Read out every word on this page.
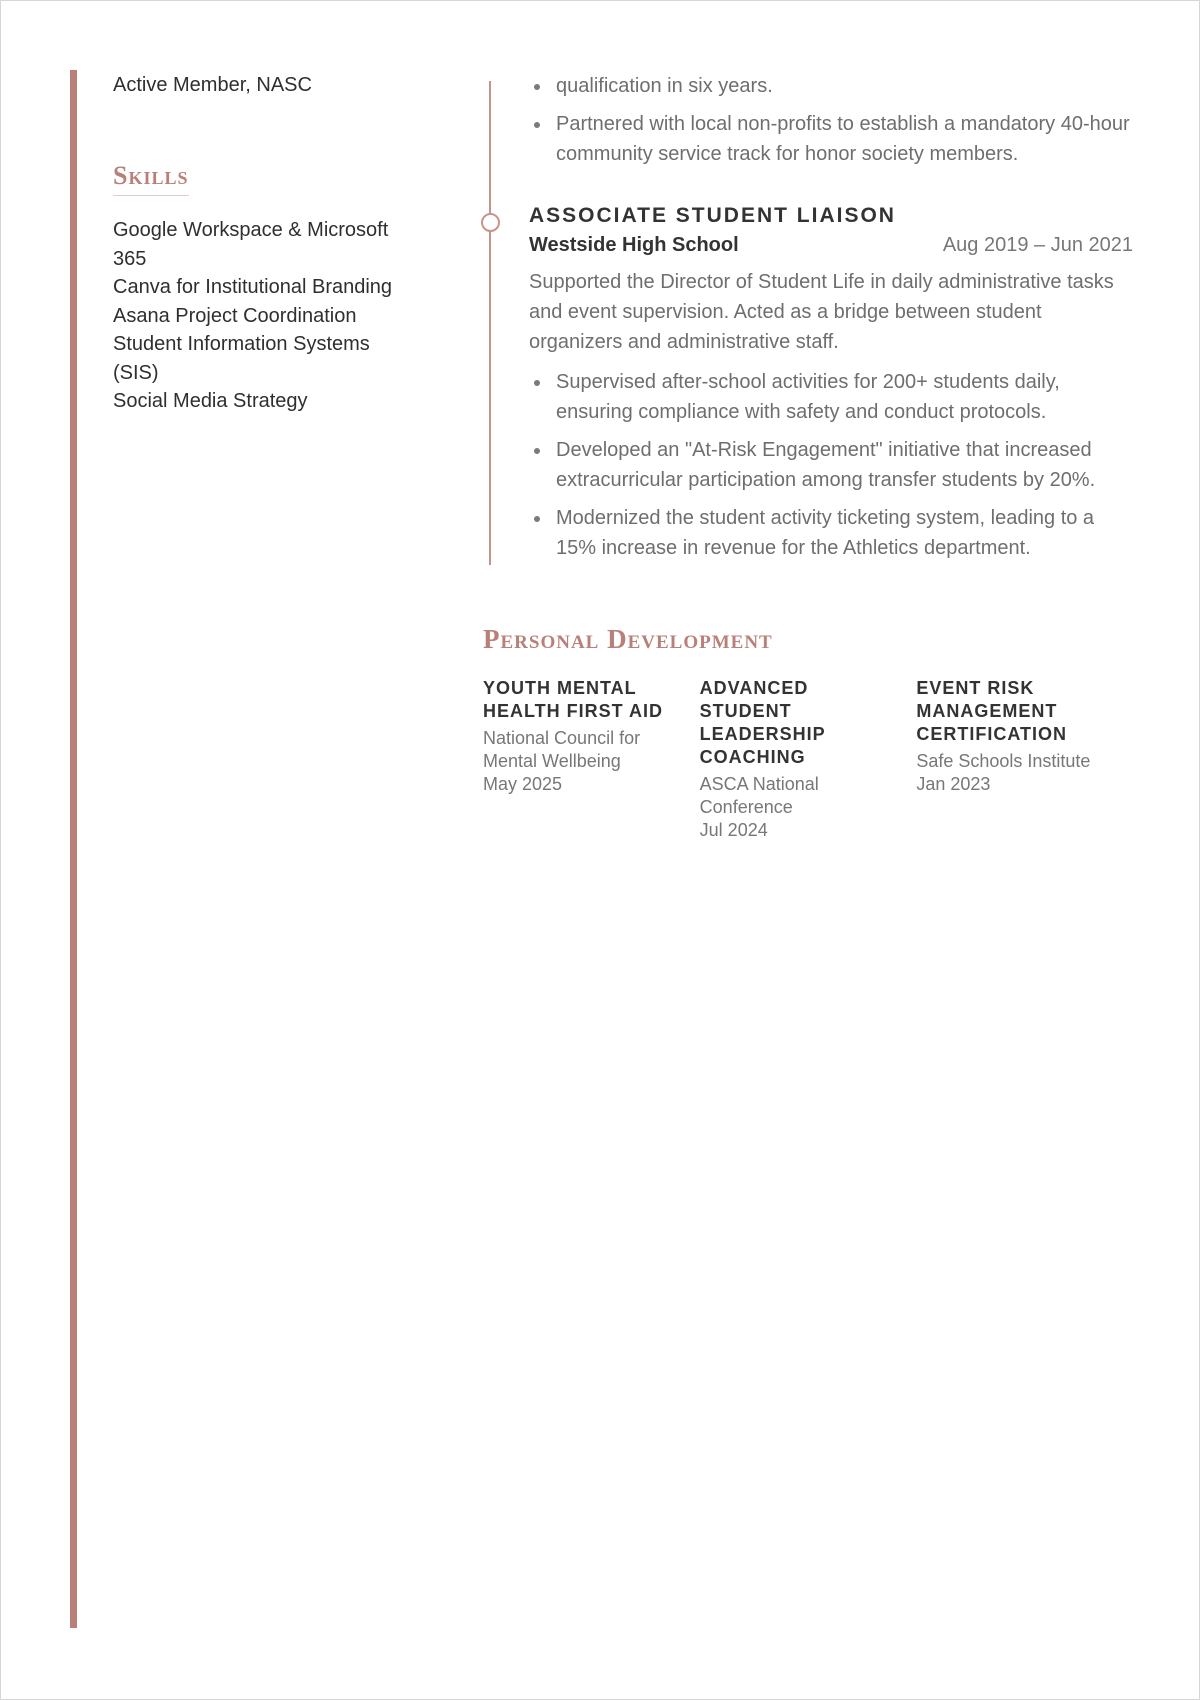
Active Member, NASC

Skills
Google Workspace & Microsoft 365
Canva for Institutional Branding
Asana Project Coordination
Student Information Systems (SIS)
Social Media Strategy
qualification in six years.
Partnered with local non-profits to establish a mandatory 40-hour community service track for honor society members.
ASSOCIATE STUDENT LIAISON
Westside High School	Aug 2019 – Jun 2021

Supported the Director of Student Life in daily administrative tasks and event supervision. Acted as a bridge between student organizers and administrative staff.

Supervised after-school activities for 200+ students daily, ensuring compliance with safety and conduct protocols.
Developed an "At-Risk Engagement" initiative that increased extracurricular participation among transfer students by 20%.
Modernized the student activity ticketing system, leading to a 15% increase in revenue for the Athletics department.
Personal Development
YOUTH MENTAL HEALTH FIRST AID
National Council for Mental Wellbeing
May 2025
ADVANCED STUDENT LEADERSHIP COACHING
ASCA National Conference
Jul 2024
EVENT RISK MANAGEMENT CERTIFICATION
Safe Schools Institute
Jan 2023
